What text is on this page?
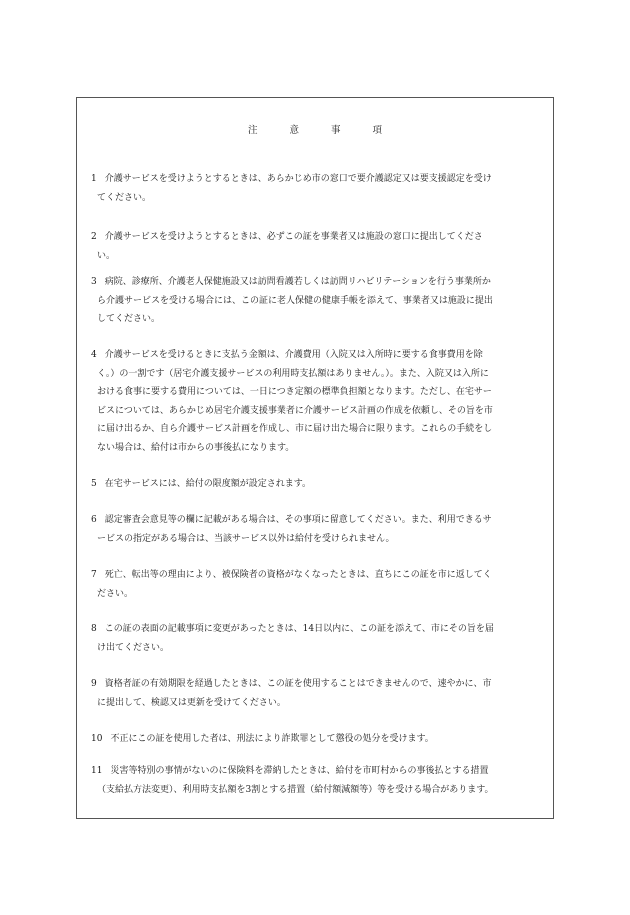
注	意	事	項
1 介護サービスを受けようとするときは、あらかじめ市の窓口で要介護認定又は要支援認定を受け
てください。
2 介護サービスを受けようとするときは、必ずこの証を事業者又は施設の窓口に提出してくださ
い。
3 病院、診療所、介護老人保健施設又は訪問看護若しくは訪問リハビリテーションを行う事業所か
ら介護サービスを受ける場合には、この証に老人保健の健康手帳を添えて、事業者又は施設に提出
してください。
4 介護サービスを受けるときに支払う金額は、介護費用（入院又は入所時に要する食事費用を除
く。）の一割です（居宅介護支援サービスの利用時支払額はありません。）。また、入院又は入所に
おける食事に要する費用については、一日につき定額の標準負担額となります。ただし、在宅サー
ビスについては、あらかじめ居宅介護支援事業者に介護サービス計画の作成を依頼し、その旨を市
に届け出るか、自ら介護サービス計画を作成し、市に届け出た場合に限ります。これらの手続をし
ない場合は、給付は市からの事後払になります。
5 在宅サービスには、給付の限度額が設定されます。
6 認定審査会意見等の欄に記載がある場合は、その事項に留意してください。また、利用できるサ
ービスの指定がある場合は、当該サービス以外は給付を受けられません。
7 死亡、転出等の理由により、被保険者の資格がなくなったときは、直ちにこの証を市に返してく
ださい。
8 この証の表面の記載事項に変更があったときは、14日以内に、この証を添えて、市にその旨を届
け出てください。
9 資格者証の有効期限を経過したときは、この証を使用することはできませんので、速やかに、市
に提出して、検認又は更新を受けてください。
10 不正にこの証を使用した者は、刑法により詐欺罪として懲役の処分を受けます。
11 災害等特別の事情がないのに保険料を滞納したときは、給付を市町村からの事後払とする措置
（支給払方法変更）、利用時支払額を3割とする措置（給付額減額等）等を受ける場合があります。
